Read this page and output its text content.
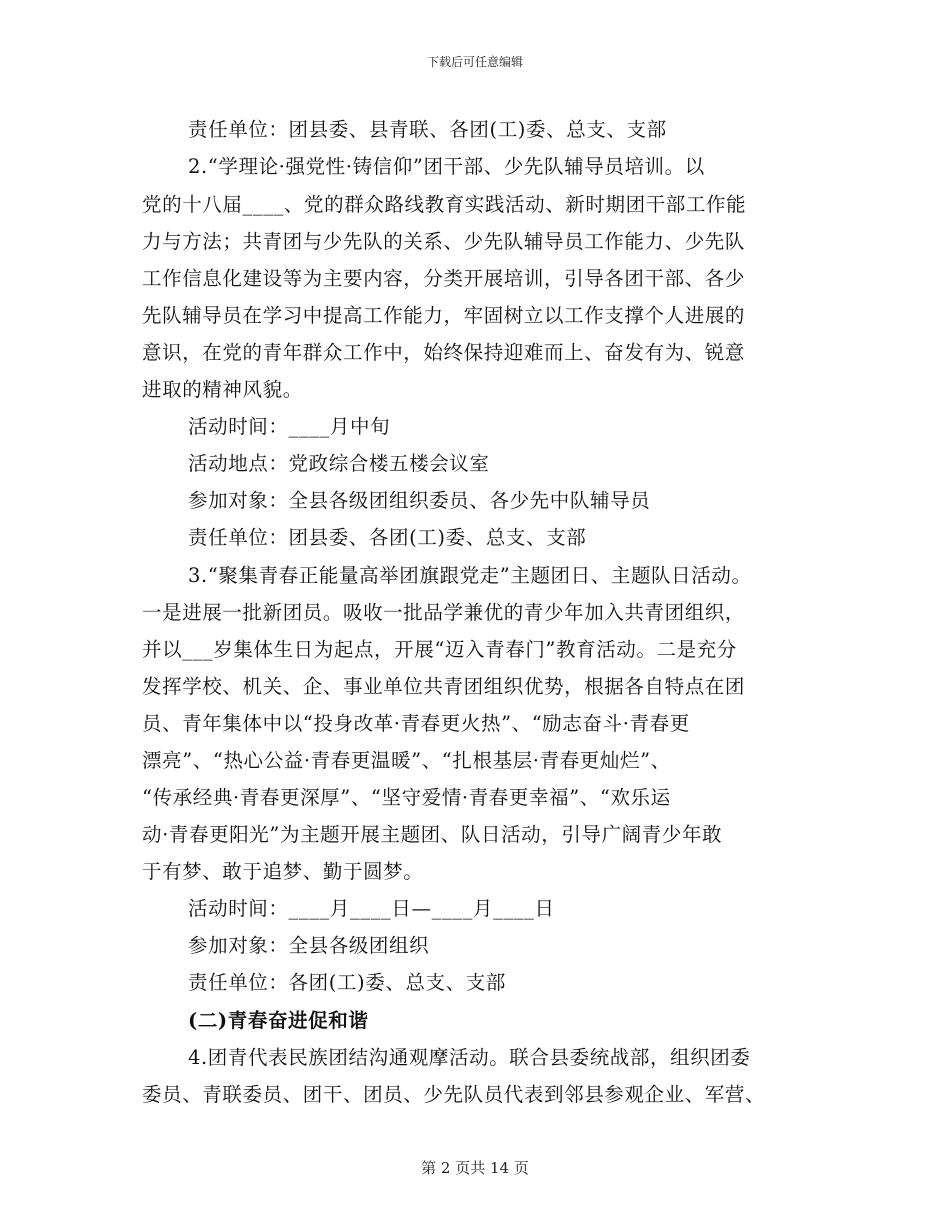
下载后可任意编辑
责任单位：团县委、县青联、各团(工)委、总支、支部
2.“学理论·强党性·铸信仰”团干部、少先队辅导员培训。以
党的十八届____、党的群众路线教育实践活动、新时期团干部工作能
力与方法；共青团与少先队的关系、少先队辅导员工作能力、少先队
工作信息化建设等为主要内容，分类开展培训，引导各团干部、各少
先队辅导员在学习中提高工作能力，牢固树立以工作支撑个人进展的
意识，在党的青年群众工作中，始终保持迎难而上、奋发有为、锐意
进取的精神风貌。
活动时间：____月中旬
活动地点：党政综合楼五楼会议室
参加对象：全县各级团组织委员、各少先中队辅导员
责任单位：团县委、各团(工)委、总支、支部
3.“聚集青春正能量高举团旗跟党走”主题团日、主题队日活动。
一是进展一批新团员。吸收一批品学兼优的青少年加入共青团组织，
并以___岁集体生日为起点，开展“迈入青春门”教育活动。二是充分
发挥学校、机关、企、事业单位共青团组织优势，根据各自特点在团
员、青年集体中以“投身改革·青春更火热”、“励志奋斗·青春更
漂亮”、“热心公益·青春更温暖”、“扎根基层·青春更灿烂”、
“传承经典·青春更深厚”、“坚守爱情·青春更幸福”、“欢乐运
动·青春更阳光”为主题开展主题团、队日活动，引导广阔青少年敢
于有梦、敢于追梦、勤于圆梦。
活动时间：____月____日—____月____日
参加对象：全县各级团组织
责任单位：各团(工)委、总支、支部
(二)青春奋进促和谐
4.团青代表民族团结沟通观摩活动。联合县委统战部，组织团委
委员、青联委员、团干、团员、少先队员代表到邻县参观企业、军营、
第 2 页共 14 页
